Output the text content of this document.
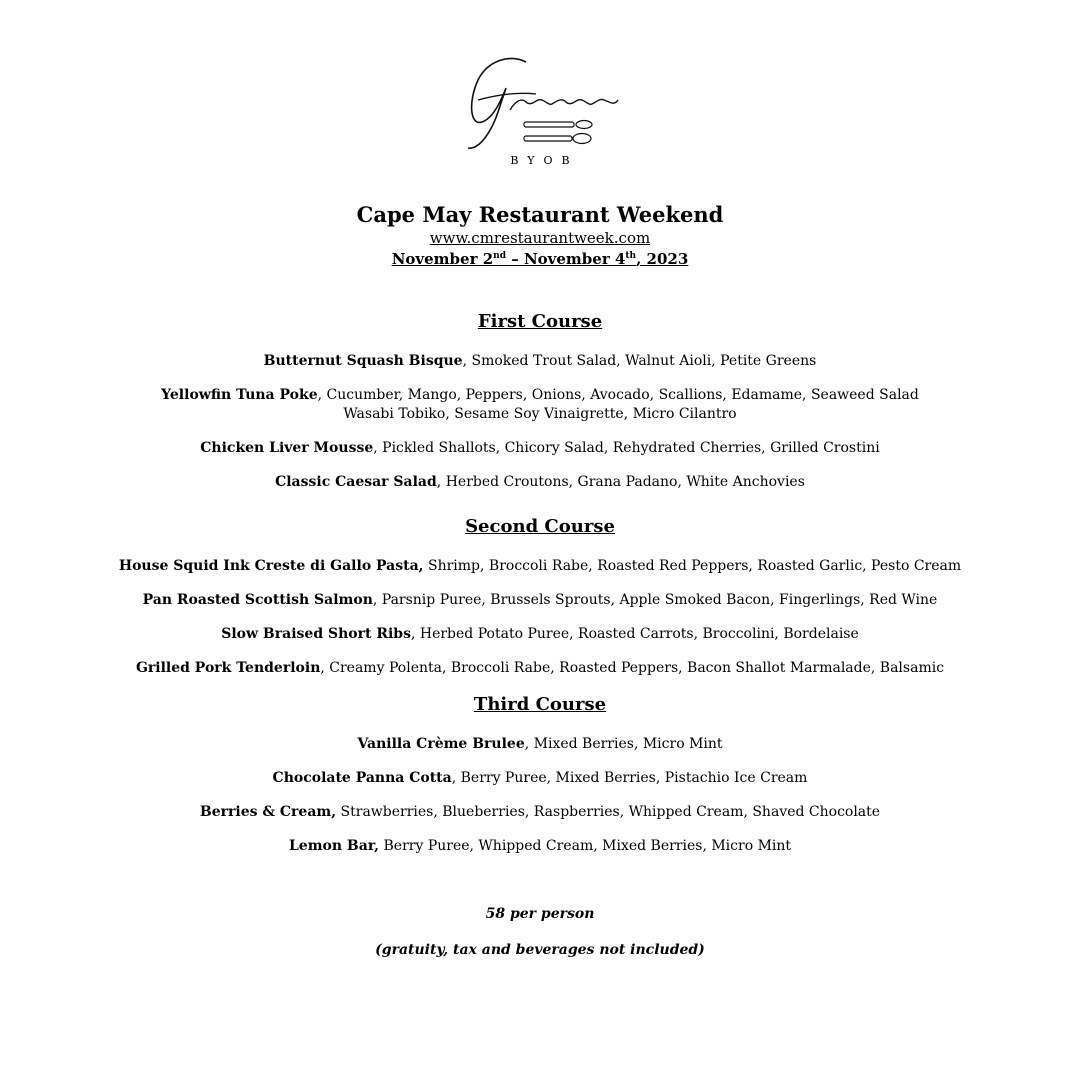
BYOB
Cape May Restaurant Weekend
www.cmrestaurantweek.com
November 2nd – November 4th, 2023
First Course
Butternut Squash Bisque, Smoked Trout Salad, Walnut Aioli, Petite Greens
Yellowfin Tuna Poke, Cucumber, Mango, Peppers, Onions, Avocado, Scallions, Edamame, Seaweed Salad
Wasabi Tobiko, Sesame Soy Vinaigrette, Micro Cilantro
Chicken Liver Mousse, Pickled Shallots, Chicory Salad, Rehydrated Cherries, Grilled Crostini
Classic Caesar Salad, Herbed Croutons, Grana Padano, White Anchovies
Second Course
House Squid Ink Creste di Gallo Pasta, Shrimp, Broccoli Rabe, Roasted Red Peppers, Roasted Garlic, Pesto Cream
Pan Roasted Scottish Salmon, Parsnip Puree, Brussels Sprouts, Apple Smoked Bacon, Fingerlings, Red Wine
Slow Braised Short Ribs, Herbed Potato Puree, Roasted Carrots, Broccolini, Bordelaise
Grilled Pork Tenderloin, Creamy Polenta, Broccoli Rabe, Roasted Peppers, Bacon Shallot Marmalade, Balsamic
Third Course
Vanilla Crème Brulee, Mixed Berries, Micro Mint
Chocolate Panna Cotta, Berry Puree, Mixed Berries, Pistachio Ice Cream
Berries & Cream, Strawberries, Blueberries, Raspberries, Whipped Cream, Shaved Chocolate
Lemon Bar, Berry Puree, Whipped Cream, Mixed Berries, Micro Mint
58 per person
(gratuity, tax and beverages not included)
